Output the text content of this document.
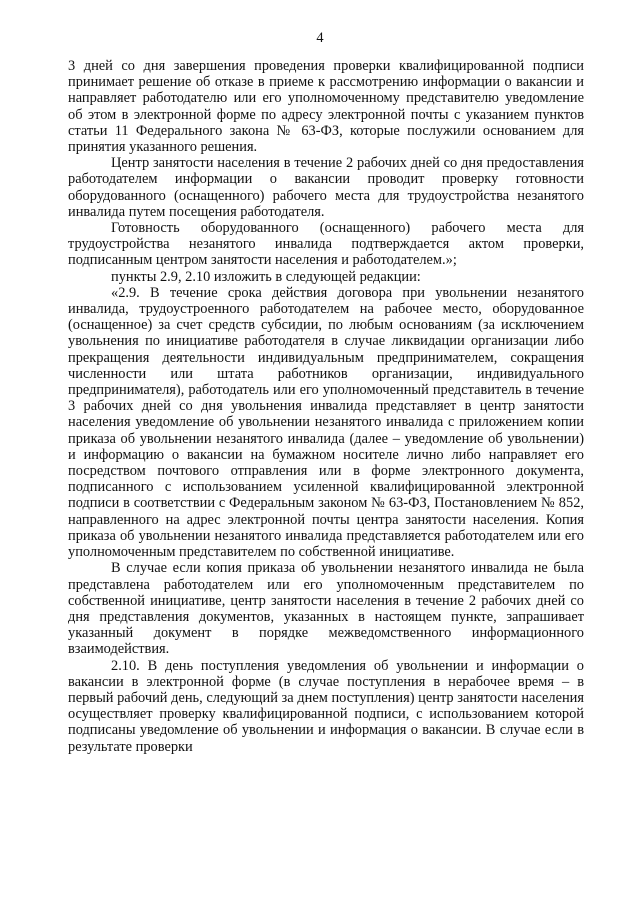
4

3 дней со дня завершения проведения проверки квалифицированной подписи принимает решение об отказе в приеме к рассмотрению информации о вакансии и направляет работодателю или его уполномоченному представителю уведомление об этом в электронной форме по адресу электронной почты с указанием пунктов статьи 11 Федерального закона № 63-ФЗ, которые послужили основанием для принятия указанного решения.

Центр занятости населения в течение 2 рабочих дней со дня предоставления работодателем информации о вакансии проводит проверку готовности оборудованного (оснащенного) рабочего места для трудоустройства незанятого инвалида путем посещения работодателя.

Готовность оборудованного (оснащенного) рабочего места для трудоустройства незанятого инвалида подтверждается актом проверки, подписанным центром занятости населения и работодателем.»;

пункты 2.9, 2.10 изложить в следующей редакции:

«2.9. В течение срока действия договора при увольнении незанятого инвалида, трудоустроенного работодателем на рабочее место, оборудованное (оснащенное) за счет средств субсидии, по любым основаниям (за исключением увольнения по инициативе работодателя в случае ликвидации организации либо прекращения деятельности индивидуальным предпринимателем, сокращения численности или штата работников организации, индивидуального предпринимателя), работодатель или его уполномоченный представитель в течение 3 рабочих дней со дня увольнения инвалида представляет в центр занятости населения уведомление об увольнении незанятого инвалида с приложением копии приказа об увольнении незанятого инвалида (далее – уведомление об увольнении) и информацию о вакансии на бумажном носителе лично либо направляет его посредством почтового отправления или в форме электронного документа, подписанного с использованием усиленной квалифицированной электронной подписи в соответствии с Федеральным законом № 63-ФЗ, Постановлением № 852, направленного на адрес электронной почты центра занятости населения. Копия приказа об увольнении незанятого инвалида представляется работодателем или его уполномоченным представителем по собственной инициативе.

В случае если копия приказа об увольнении незанятого инвалида не была представлена работодателем или его уполномоченным представителем по собственной инициативе, центр занятости населения в течение 2 рабочих дней со дня представления документов, указанных в настоящем пункте, запрашивает указанный документ в порядке межведомственного информационного взаимодействия.

2.10. В день поступления уведомления об увольнении и информации о вакансии в электронной форме (в случае поступления в нерабочее время – в первый рабочий день, следующий за днем поступления) центр занятости населения осуществляет проверку квалифицированной подписи, с использованием которой подписаны уведомление об увольнении и информация о вакансии. В случае если в результате проверки
